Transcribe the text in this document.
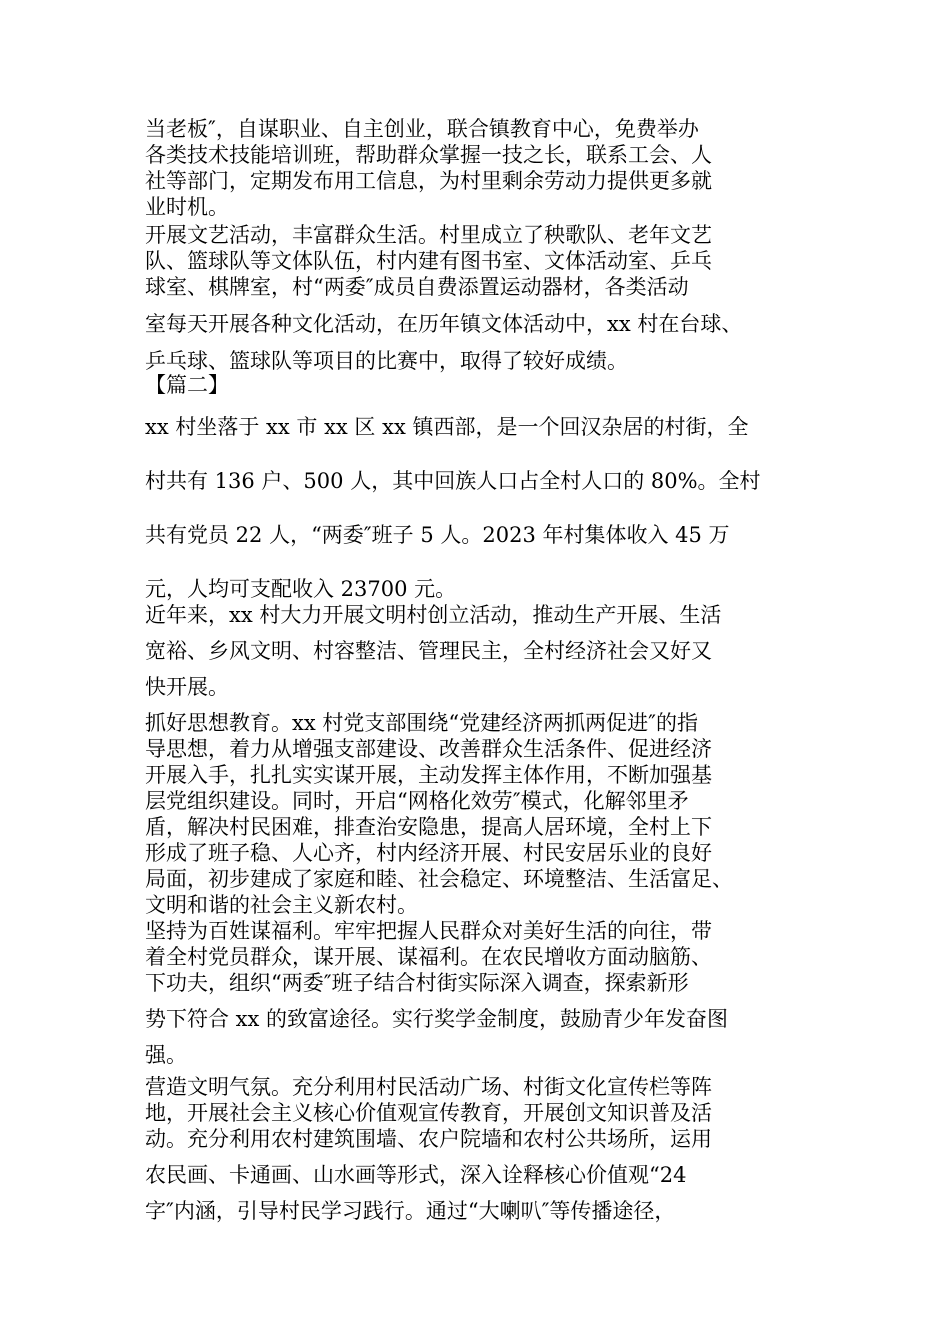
当老板″，自谋职业、自主创业，联合镇教育中心，免费举办
各类技术技能培训班，帮助群众掌握一技之长，联系工会、人
社等部门，定期发布用工信息，为村里剩余劳动力提供更多就
业时机。
开展文艺活动，丰富群众生活。村里成立了秧歌队、老年文艺
队、篮球队等文体队伍，村内建有图书室、文体活动室、乒乓
球室、棋牌室，村“两委″成员自费添置运动器材，各类活动
室每天开展各种文化活动，在历年镇文体活动中，xx 村在台球、
乒乓球、篮球队等项目的比赛中，取得了较好成绩。
【篇二】
xx 村坐落于 xx 市 xx 区 xx 镇西部，是一个回汉杂居的村街，全
村共有 136 户、500 人，其中回族人口占全村人口的 80%。全村
共有党员 22 人，“两委″班子 5 人。2023 年村集体收入 45 万
元，人均可支配收入 23700 元。
近年来，xx 村大力开展文明村创立活动，推动生产开展、生活
宽裕、乡风文明、村容整洁、管理民主，全村经济社会又好又
快开展。
抓好思想教育。xx 村党支部围绕“党建经济两抓两促进″的指
导思想，着力从增强支部建设、改善群众生活条件、促进经济
开展入手，扎扎实实谋开展，主动发挥主体作用，不断加强基
层党组织建设。同时，开启“网格化效劳″模式，化解邻里矛
盾，解决村民困难，排查治安隐患，提高人居环境，全村上下
形成了班子稳、人心齐，村内经济开展、村民安居乐业的良好
局面，初步建成了家庭和睦、社会稳定、环境整洁、生活富足、
文明和谐的社会主义新农村。
坚持为百姓谋福利。牢牢把握人民群众对美好生活的向往，带
着全村党员群众，谋开展、谋福利。在农民增收方面动脑筋、
下功夫，组织“两委″班子结合村街实际深入调查，探索新形
势下符合 xx 的致富途径。实行奖学金制度，鼓励青少年发奋图
强。
营造文明气氛。充分利用村民活动广场、村街文化宣传栏等阵
地，开展社会主义核心价值观宣传教育，开展创文知识普及活
动。充分利用农村建筑围墙、农户院墙和农村公共场所，运用
农民画、卡通画、山水画等形式，深入诠释核心价值观“24
字″内涵，引导村民学习践行。通过“大喇叭″等传播途径，
